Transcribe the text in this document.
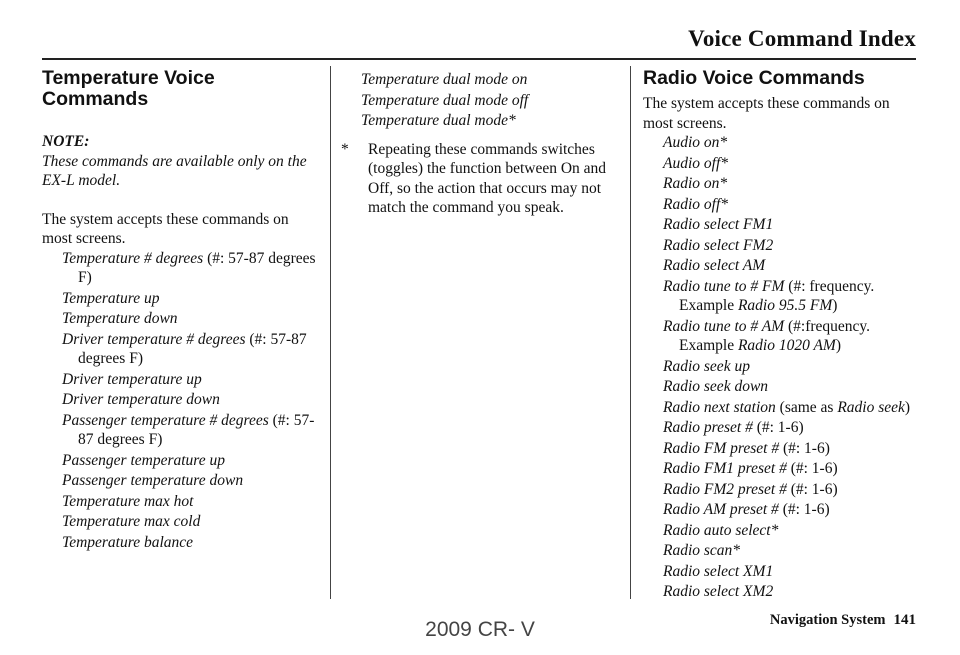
Voice Command Index
Temperature Voice Commands
NOTE:
These commands are available only on the EX-L model.
The system accepts these commands on most screens.
Temperature # degrees (#: 57-87 degrees F)
Temperature up
Temperature down
Driver temperature # degrees (#: 57-87 degrees F)
Driver temperature up
Driver temperature down
Passenger temperature # degrees (#: 57-87 degrees F)
Passenger temperature up
Passenger temperature down
Temperature max hot
Temperature max cold
Temperature balance
Temperature dual mode on
Temperature dual mode off
Temperature dual mode*
* Repeating these commands switches (toggles) the function between On and Off, so the action that occurs may not match the command you speak.
Radio Voice Commands
The system accepts these commands on most screens.
Audio on*
Audio off*
Radio on*
Radio off*
Radio select FM1
Radio select FM2
Radio select AM
Radio tune to # FM (#: frequency. Example Radio 95.5 FM)
Radio tune to # AM (#:frequency. Example Radio 1020 AM)
Radio seek up
Radio seek down
Radio next station (same as Radio seek)
Radio preset # (#: 1-6)
Radio FM preset # (#: 1-6)
Radio FM1 preset # (#: 1-6)
Radio FM2 preset # (#: 1-6)
Radio AM preset # (#: 1-6)
Radio auto select*
Radio scan*
Radio select XM1
Radio select XM2
Navigation System 141
2009 CR- V
